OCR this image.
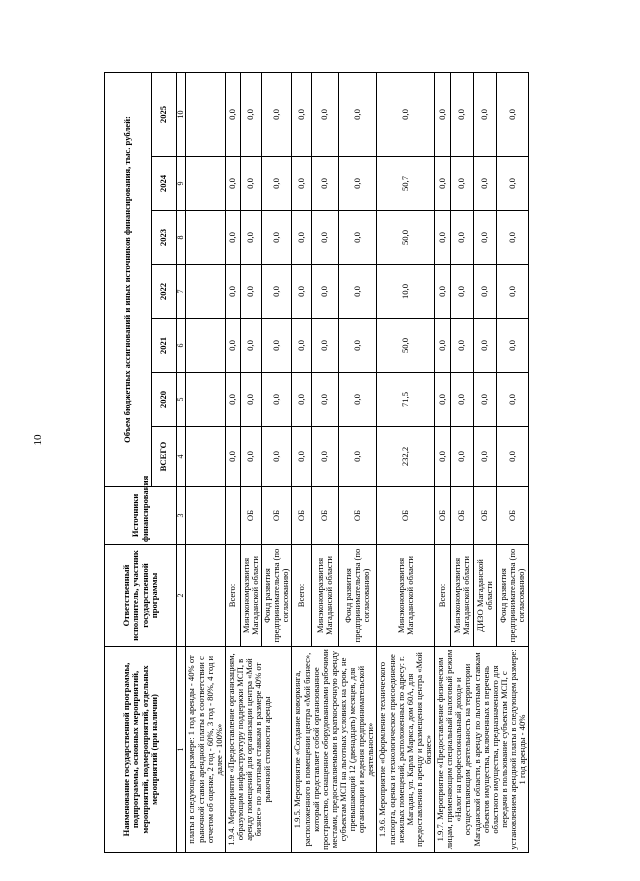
10
Наименование государственной программы, подпрограммы, основных мероприятий, мероприятий, подмероприятий, отдельных мероприятий (при наличии)	Ответственный исполнитель, участник государственной программы	Источники финансирования	Объем бюджетных ассигнований и иных источников финансирования, тыс. рублей:						
			ВСЕГО	2020	2021	2022	2023	2024	2025
1	2	3	4	5	6	7	8	9	10
платы в следующем размере: 1 год аренды - 40% от рыночной ставки арендной платы в соответствии с отчетом об оценке, 2 год - 60%, 3 год - 80%, 4 год и далее - 100%»									
1.9.4. Мероприятие «Предоставление организациям, образующим инфраструктуру поддержки МСП, в аренду помещений для организации центра «Мой бизнес» по льготным ставкам в размере 40% от рыночной стоимости аренды	Всего:		0,0	0,0	0,0	0,0	0,0	0,0	0,0
	Минэкономразвития Магаданской области	ОБ	0,0	0,0	0,0	0,0	0,0	0,0	0,0
	Фонд развития предпринимательства (по согласованию)	ОБ	0,0	0,0	0,0	0,0	0,0	0,0	0,0
1.9.5. Мероприятие «Создание коворкинга, расположенного в помещении центра «Мой бизнес», который представляет собой организованное пространство, оснащенное оборудованными рабочими местами, предоставляемыми в краткосрочную аренду субъектам МСП на льготных условиях на срок, не превышающий 12 (двенадцать) месяцев, для организации и ведения предпринимательской деятельности»	Всего:	ОБ	0,0	0,0	0,0	0,0	0,0	0,0	0,0
	Минэкономразвития Магаданской области	ОБ	0,0	0,0	0,0	0,0	0,0	0,0	0,0
	Фонд развития предпринимательства (по согласованию)	ОБ	0,0	0,0	0,0	0,0	0,0	0,0	0,0
1.9.6. Мероприятие «Оформление технического паспорта, оценка и технологическое присоединение нежилых помещений, расположенных по адресу: г. Магадан, ул. Карла Маркса, дом 60А, для предоставления в аренду и размещения центра «Мой бизнес»	Минэкономразвития Магаданской области	ОБ	232,2	71,5	50,0	10,0	50,0	50,7	0,0
1.9.7. Мероприятие «Предоставление физическим лицам, применяющим специальный налоговый режим «Налог на профессиональный доход» и осуществляющим деятельность на территории Магаданской области, в аренду по льготным ставкам объектов имущества, включенных в перечень областного имущества, предназначенного для передачи в пользование субъектам МСП, с установлением арендной платы в следующем размере: 1 год аренды - 40%	Всего:	ОБ	0,0	0,0	0,0	0,0	0,0	0,0	0,0
	Минэкономразвития Магаданской области	ОБ	0,0	0,0	0,0	0,0	0,0	0,0	0,0
	ДИЗО Магаданской области	ОБ	0,0	0,0	0,0	0,0	0,0	0,0	0,0
	Фонд развития предпринимательства (по согласованию)	ОБ	0,0	0,0	0,0	0,0	0,0	0,0	0,0
